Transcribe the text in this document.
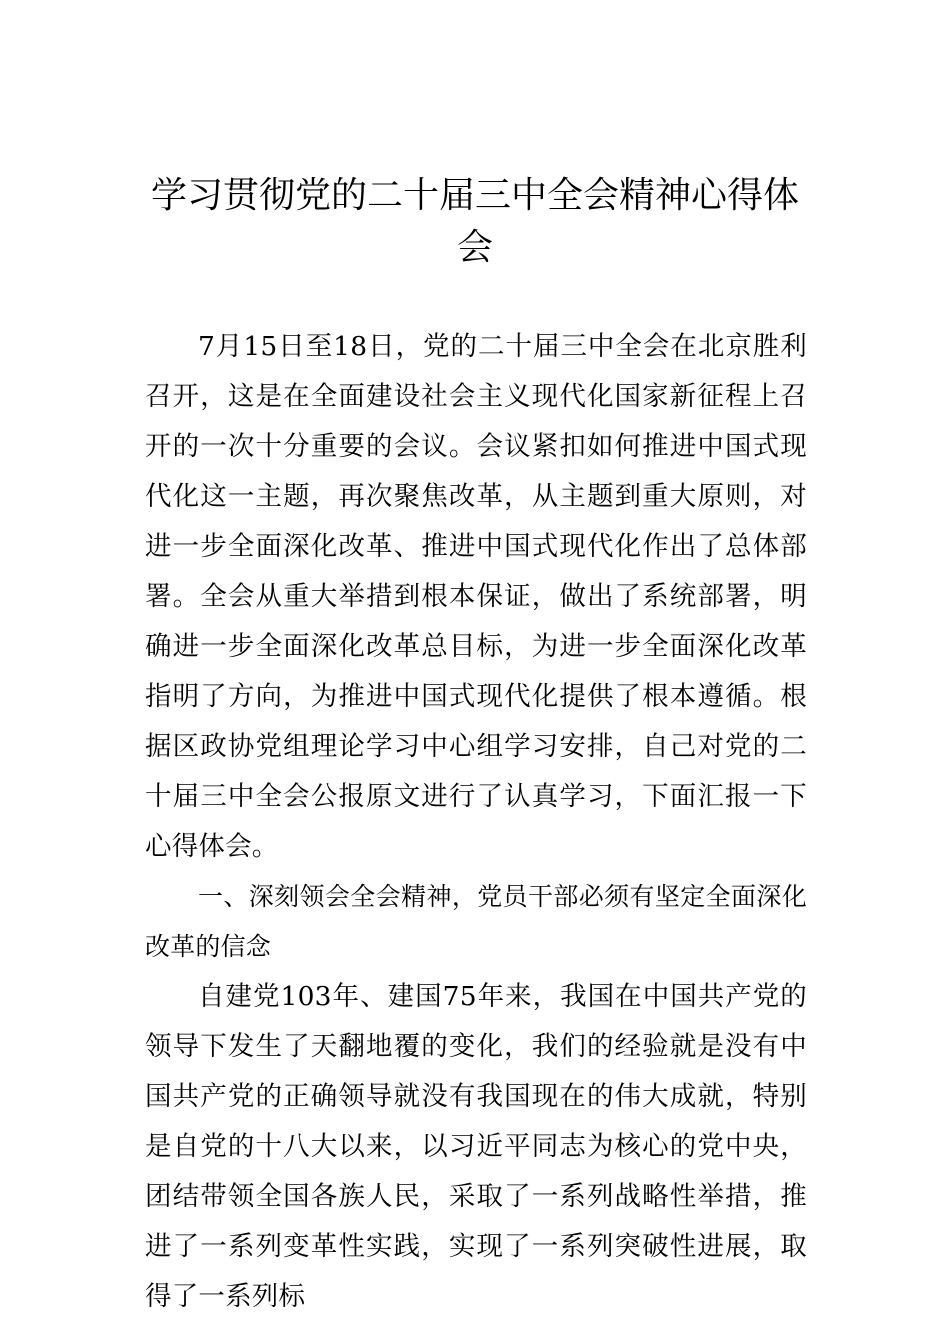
学习贯彻党的二十届三中全会精神心得体会

7月15日至18日，党的二十届三中全会在北京胜利召开，这是在全面建设社会主义现代化国家新征程上召开的一次十分重要的会议。会议紧扣如何推进中国式现代化这一主题，再次聚焦改革，从主题到重大原则，对进一步全面深化改革、推进中国式现代化作出了总体部署。全会从重大举措到根本保证，做出了系统部署，明确进一步全面深化改革总目标，为进一步全面深化改革指明了方向，为推进中国式现代化提供了根本遵循。根据区政协党组理论学习中心组学习安排，自己对党的二十届三中全会公报原文进行了认真学习，下面汇报一下心得体会。

一、深刻领会全会精神，党员干部必须有坚定全面深化改革的信念

自建党103年、建国75年来，我国在中国共产党的领导下发生了天翻地覆的变化，我们的经验就是没有中国共产党的正确领导就没有我国现在的伟大成就，特别是自党的十八大以来，以习近平同志为核心的党中央，团结带领全国各族人民，采取了一系列战略性举措，推进了一系列变革性实践，实现了一系列突破性进展，取得了一系列标
